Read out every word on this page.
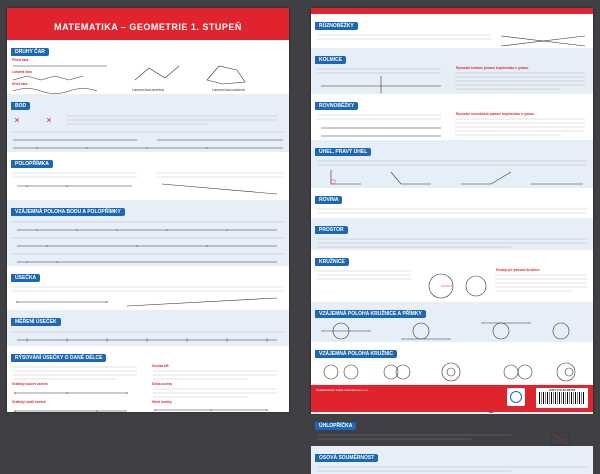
MATEMATIKA – GEOMETRIE 1. STUPEŇ
DRUHY ČAR
Přímá čára
Lomená čára
Křivá čára
Lomená čára otevřená	Lomená čára uzavřená
BOD
POLOPŘÍMKA
VZÁJEMNÁ POLOHA BODU A POLOPŘÍMKY
ÚSEČKA
MĚŘENÍ ÚSEČEK
RÝSOVÁNÍ ÚSEČKY O DANÉ DÉLCE
Grafický součet úseček
Grafický rozdíl úseček
Úsečka AB
Délka úsečky
Střed úsečky
RŮZNOBĚŽKY
KOLMICE
Rýsování kolmice pomocí trojúhelníku s ryskou
ROVNOBĚŽKY
Rýsování rovnoběžek pomocí trojúhelníku s ryskou
ÚHEL, PRAVÝ ÚHEL
ROVINA
PROSTOR
KRUŽNICE
Postup při rýsování kružnice
VZÁJEMNÁ POLOHA KRUŽNICE A PŘÍMKY
VZÁJEMNÁ POLOHA KRUŽNIC
ÚHLOPŘÍČKA
OSOVÁ SOUMĚRNOST
Nakladatelství Taktik International, s.r.o.	ISBN 978-80-88358
